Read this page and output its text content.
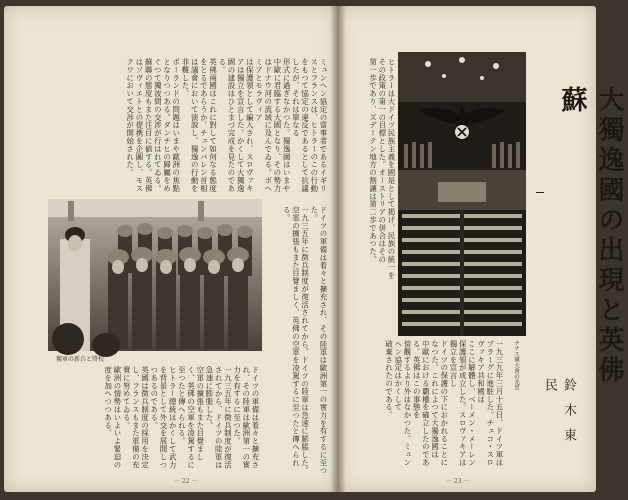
ミュンヘン協定の當事者であるイギリスとフランスは、ヒトラーのこの行動をもつて協定の違反であるとして抗議したが、それは單なる

形式に過ぎなかつた。獨逸國はいまや中歐に君臨する大國となり、その勢力はドナウ河の流域に及んでゐる。ボヘミアとモラヴィア

は保護領として編入され、スロヴァキアは獨立を宣言した。かくして大獨逸國の建設はひとまづ完成を見たのである。

英佛兩國はこれに對して如何なる態度をとるであらうか。チェンバレン首相は議會において演說し、獨逸の行動を非難した。

ポーランドの問題はいまや歐洲の焦點となりつつある。ダンチヒの歸屬をめぐつて獨波間の交渉が行はれてゐる。

蘇聯の態度もまた注目に値する。英佛はソヴィエトとの提携を企圖し、モスクワにおいて交渉が開始された。

獨軍の新兵と將校

ドイツの軍備は着々と擴充され、その陸軍は歐洲第一の實力を有するに至つた。

一九三五年に徴兵制度が復活されてから、ドイツの陸軍は急速に膨脹した。

空軍の擴張もまた目覺ましく、英佛の空軍を凌駕するに至つたと傳へられる。

ヒトラー總統はかくして武力を背景として外交を展開しつつあるのである。

英國は徴兵制度の採用を決定し、フランスもまた軍備の充實に努めてゐる。

歐洲の情勢はいよいよ緊迫の度を加へつつある。	ドイツの軍備は着々と擴充され、その陸軍は歐洲第一の實力を有するに至つた。

一九三五年に徴兵制度が復活されてから、ドイツの陸軍は急速に膨脹した。

空軍の擴張もまた目覺ましく、英佛の空軍を凌駕するに至つたと傳へられる。

－ 22 －
ナチス黨大會の光景

ヒトラーは大ドイツ民族主義を國是として掲げ、民族の統一を

その政策の第一の目標とした。オーストリアの併合はその

第一歩であり、ズデーテン地方の割讓は第二歩であつた。

一九三九年三月十五日、ドイツ軍はプラーグに進駐した。チェコ・スロヴァキア共和國は

ここに解體し、ベーメン・メーレン保護領が成立した。スロヴァキアは獨立を宣言し

ドイツの保護の下におかれることになつた。これによつて大獨逸國は

中歐における覇權を確立したのである。英佛はこの事態を

傍觀するより外はなかつた。ミュンヘン協定はかくして

破棄されたのである。	大獨逸國の出現と英佛蘇
鈴木東民
－ 23 －
